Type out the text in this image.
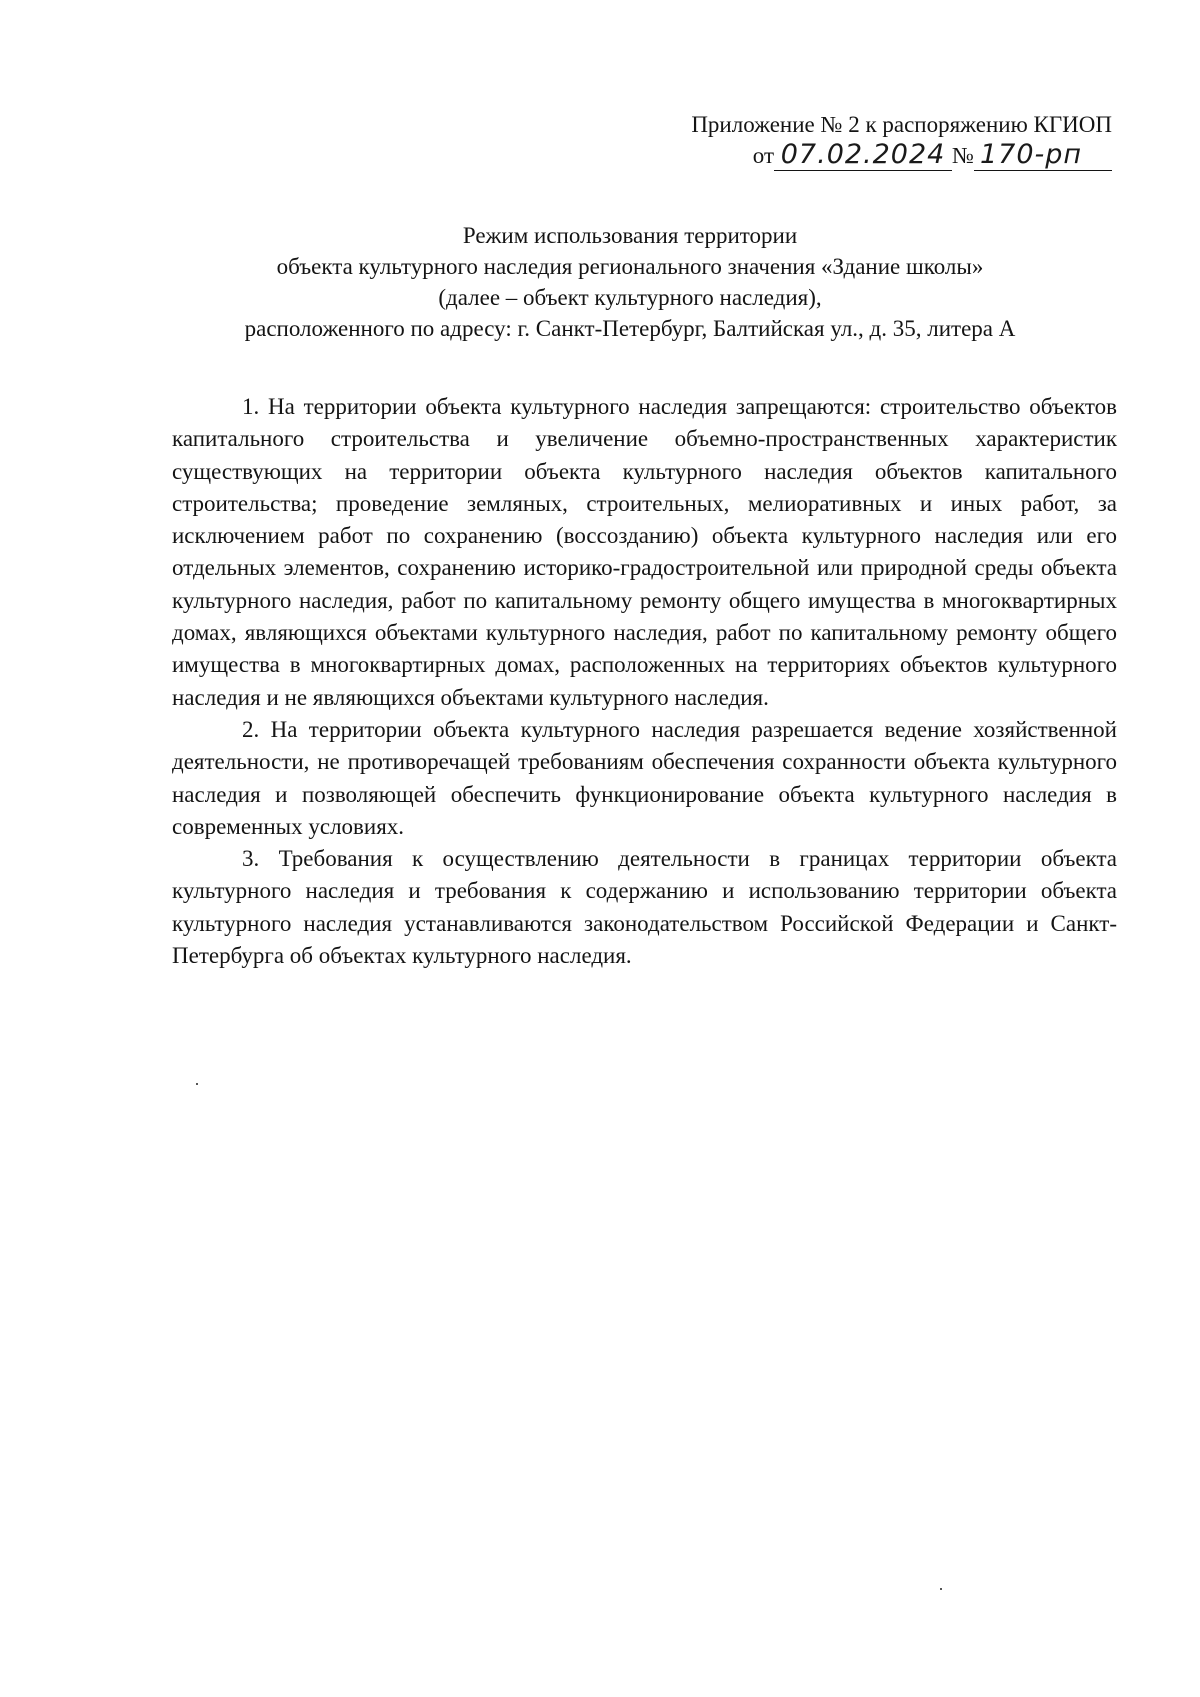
Приложение № 2 к распоряжению КГИОП
от 07.02.2024 № 170-рп
Режим использования территории
объекта культурного наследия регионального значения «Здание школы»
(далее – объект культурного наследия),
расположенного по адресу: г. Санкт-Петербург, Балтийская ул., д. 35, литера А

1. На территории объекта культурного наследия запрещаются: строительство объектов капитального строительства и увеличение объемно-пространственных характеристик существующих на территории объекта культурного наследия объектов капитального строительства; проведение земляных, строительных, мелиоративных и иных работ, за исключением работ по сохранению (воссозданию) объекта культурного наследия или его отдельных элементов, сохранению историко-градостроительной или природной среды объекта культурного наследия, работ по капитальному ремонту общего имущества в многоквартирных домах, являющихся объектами культурного наследия, работ по капитальному ремонту общего имущества в многоквартирных домах, расположенных на территориях объектов культурного наследия и не являющихся объектами культурного наследия.

2. На территории объекта культурного наследия разрешается ведение хозяйственной деятельности, не противоречащей требованиям обеспечения сохранности объекта культурного наследия и позволяющей обеспечить функционирование объекта культурного наследия в современных условиях.

3. Требования к осуществлению деятельности в границах территории объекта культурного наследия и требования к содержанию и использованию территории объекта культурного наследия устанавливаются законодательством Российской Федерации и Санкт-Петербурга об объектах культурного наследия.
